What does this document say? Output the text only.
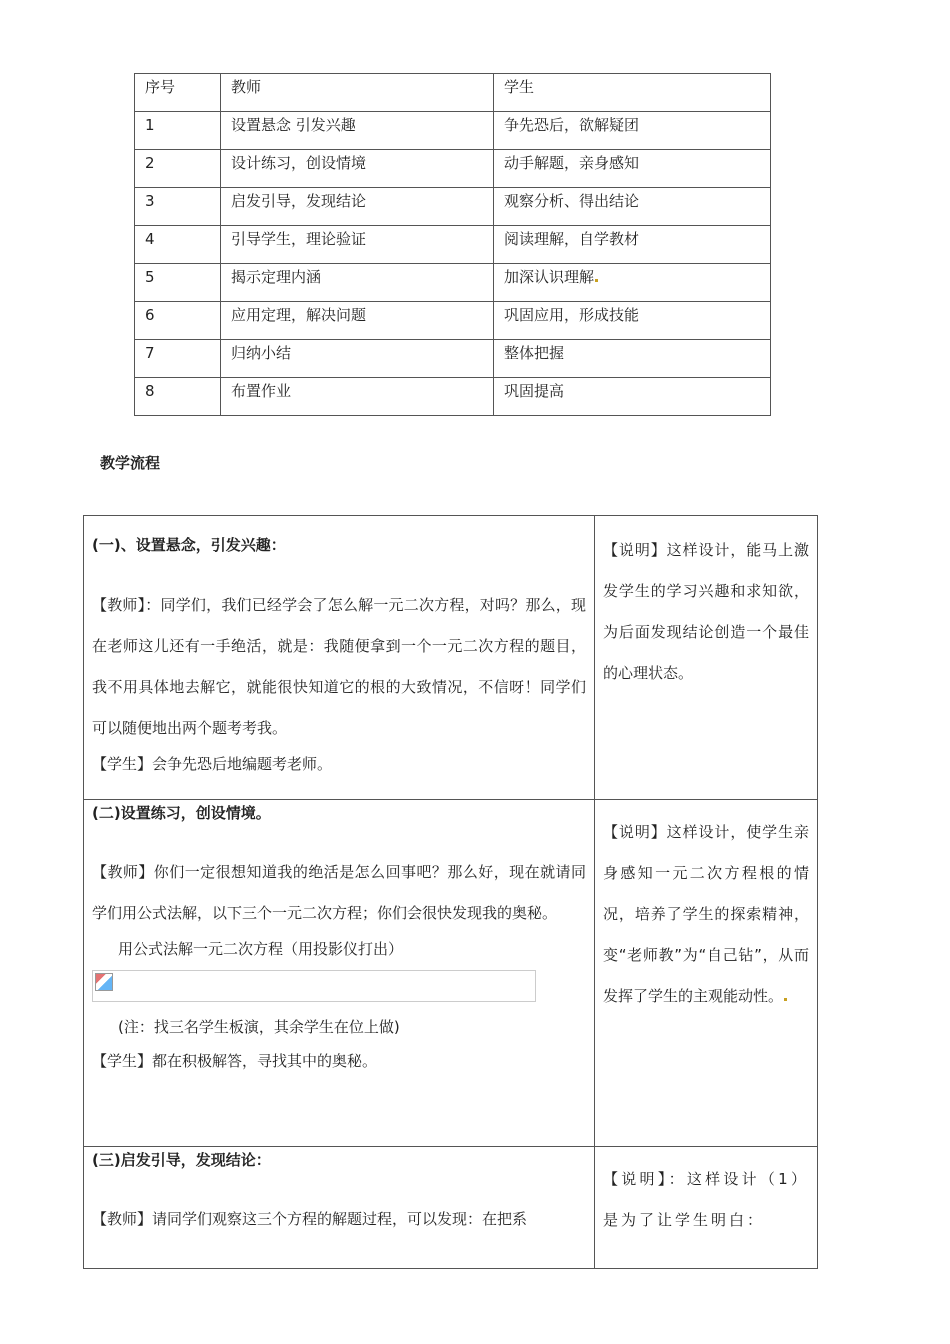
序号	教师	学生
1	设置悬念 引发兴趣	争先恐后，欲解疑团
2	设计练习，创设情境	动手解题，亲身感知
3	启发引导，发现结论	观察分析、得出结论
4	引导学生，理论验证	阅读理解，自学教材
5	揭示定理内涵	加深认识理解
6	应用定理，解决问题	巩固应用，形成技能
7	归纳小结	整体把握
8	布置作业	巩固提高
教学流程
(一)、设置悬念，引发兴趣：
【教师】：同学们，我们已经学会了怎么解一元二次方程，对吗？那么，现在老师这儿还有一手绝活，就是：我随便拿到一个一元二次方程的题目，我不用具体地去解它，就能很快知道它的根的大致情况，不信呀！同学们可以随便地出两个题考考我。
【学生】会争先恐后地编题考老师。	【说明】这样设计，能马上激发学生的学习兴趣和求知欲，为后面发现结论创造一个最佳的心理状态。

(二)设置练习，创设情境。
【教师】你们一定很想知道我的绝活是怎么回事吧？那么好，现在就请同学们用公式法解，以下三个一元二次方程；你们会很快发现我的奥秘。
用公式法解一元二次方程（用投影仪打出）
(注：找三名学生板演，其余学生在位上做)
【学生】都在积极解答，寻找其中的奥秘。	【说明】这样设计，使学生亲身感知一元二次方程根的情况，培养了学生的探索精神，变“老师教”为“自己钻”，从而发挥了学生的主观能动性。

(三)启发引导，发现结论：
【教师】请同学们观察这三个方程的解题过程，可以发现：在把系	【说明】：这样设计（1）是为了让学生明白：
